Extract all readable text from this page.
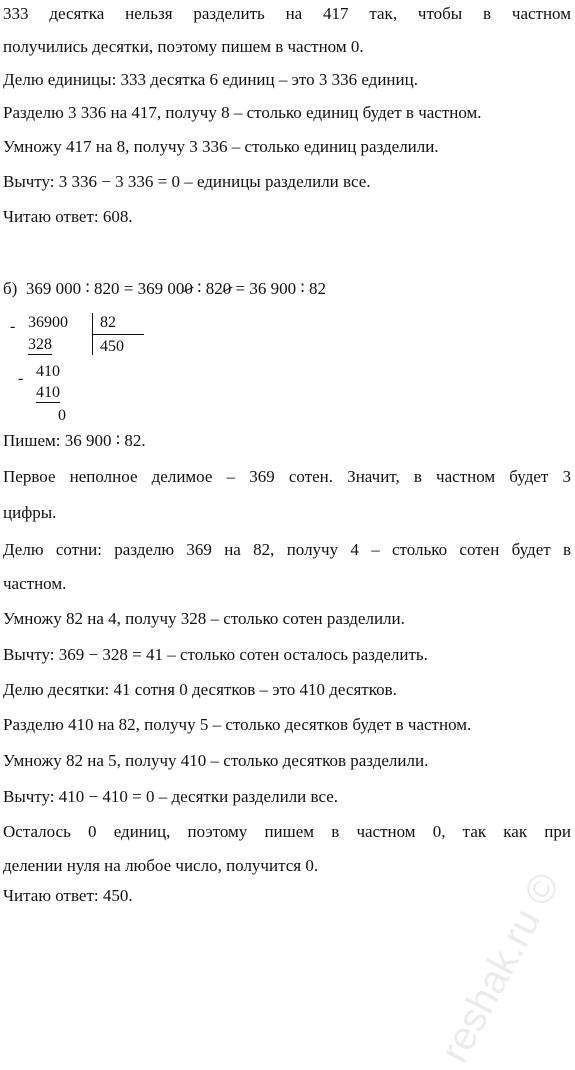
333 десятка нельзя разделить на 417 так, чтобы в частном
получились десятки, поэтому пишем в частном 0.
Делю единицы: 333 десятка 6 единиц – это 3 336 единиц.
Разделю 3 336 на 417, получу 8 – столько единиц будет в частном.
Умножу 417 на 8, получу 3 336 – столько единиц разделили.
Вычту: 3 336 − 3 336 = 0 – единицы разделили все.
Читаю ответ: 608.
б) 369 000 ∶ 820 = 369 000 ∶ 820 = 36 900 ∶ 82
- 36900 82
328	450
- 410
410
0
Пишем: 36 900 ∶ 82.
Первое неполное делимое – 369 сотен. Значит, в частном будет 3
цифры.
Делю сотни: разделю 369 на 82, получу 4 – столько сотен будет в
частном.
Умножу 82 на 4, получу 328 – столько сотен разделили.
Вычту: 369 − 328 = 41 – столько сотен осталось разделить.
Делю десятки: 41 сотня 0 десятков – это 410 десятков.
Разделю 410 на 82, получу 5 – столько десятков будет в частном.
Умножу 82 на 5, получу 410 – столько десятков разделили.
Вычту: 410 − 410 = 0 – десятки разделили все.
Осталось 0 единиц, поэтому пишем в частном 0, так как при
делении нуля на любое число, получится 0.
Читаю ответ: 450.	reshak.ru ©
